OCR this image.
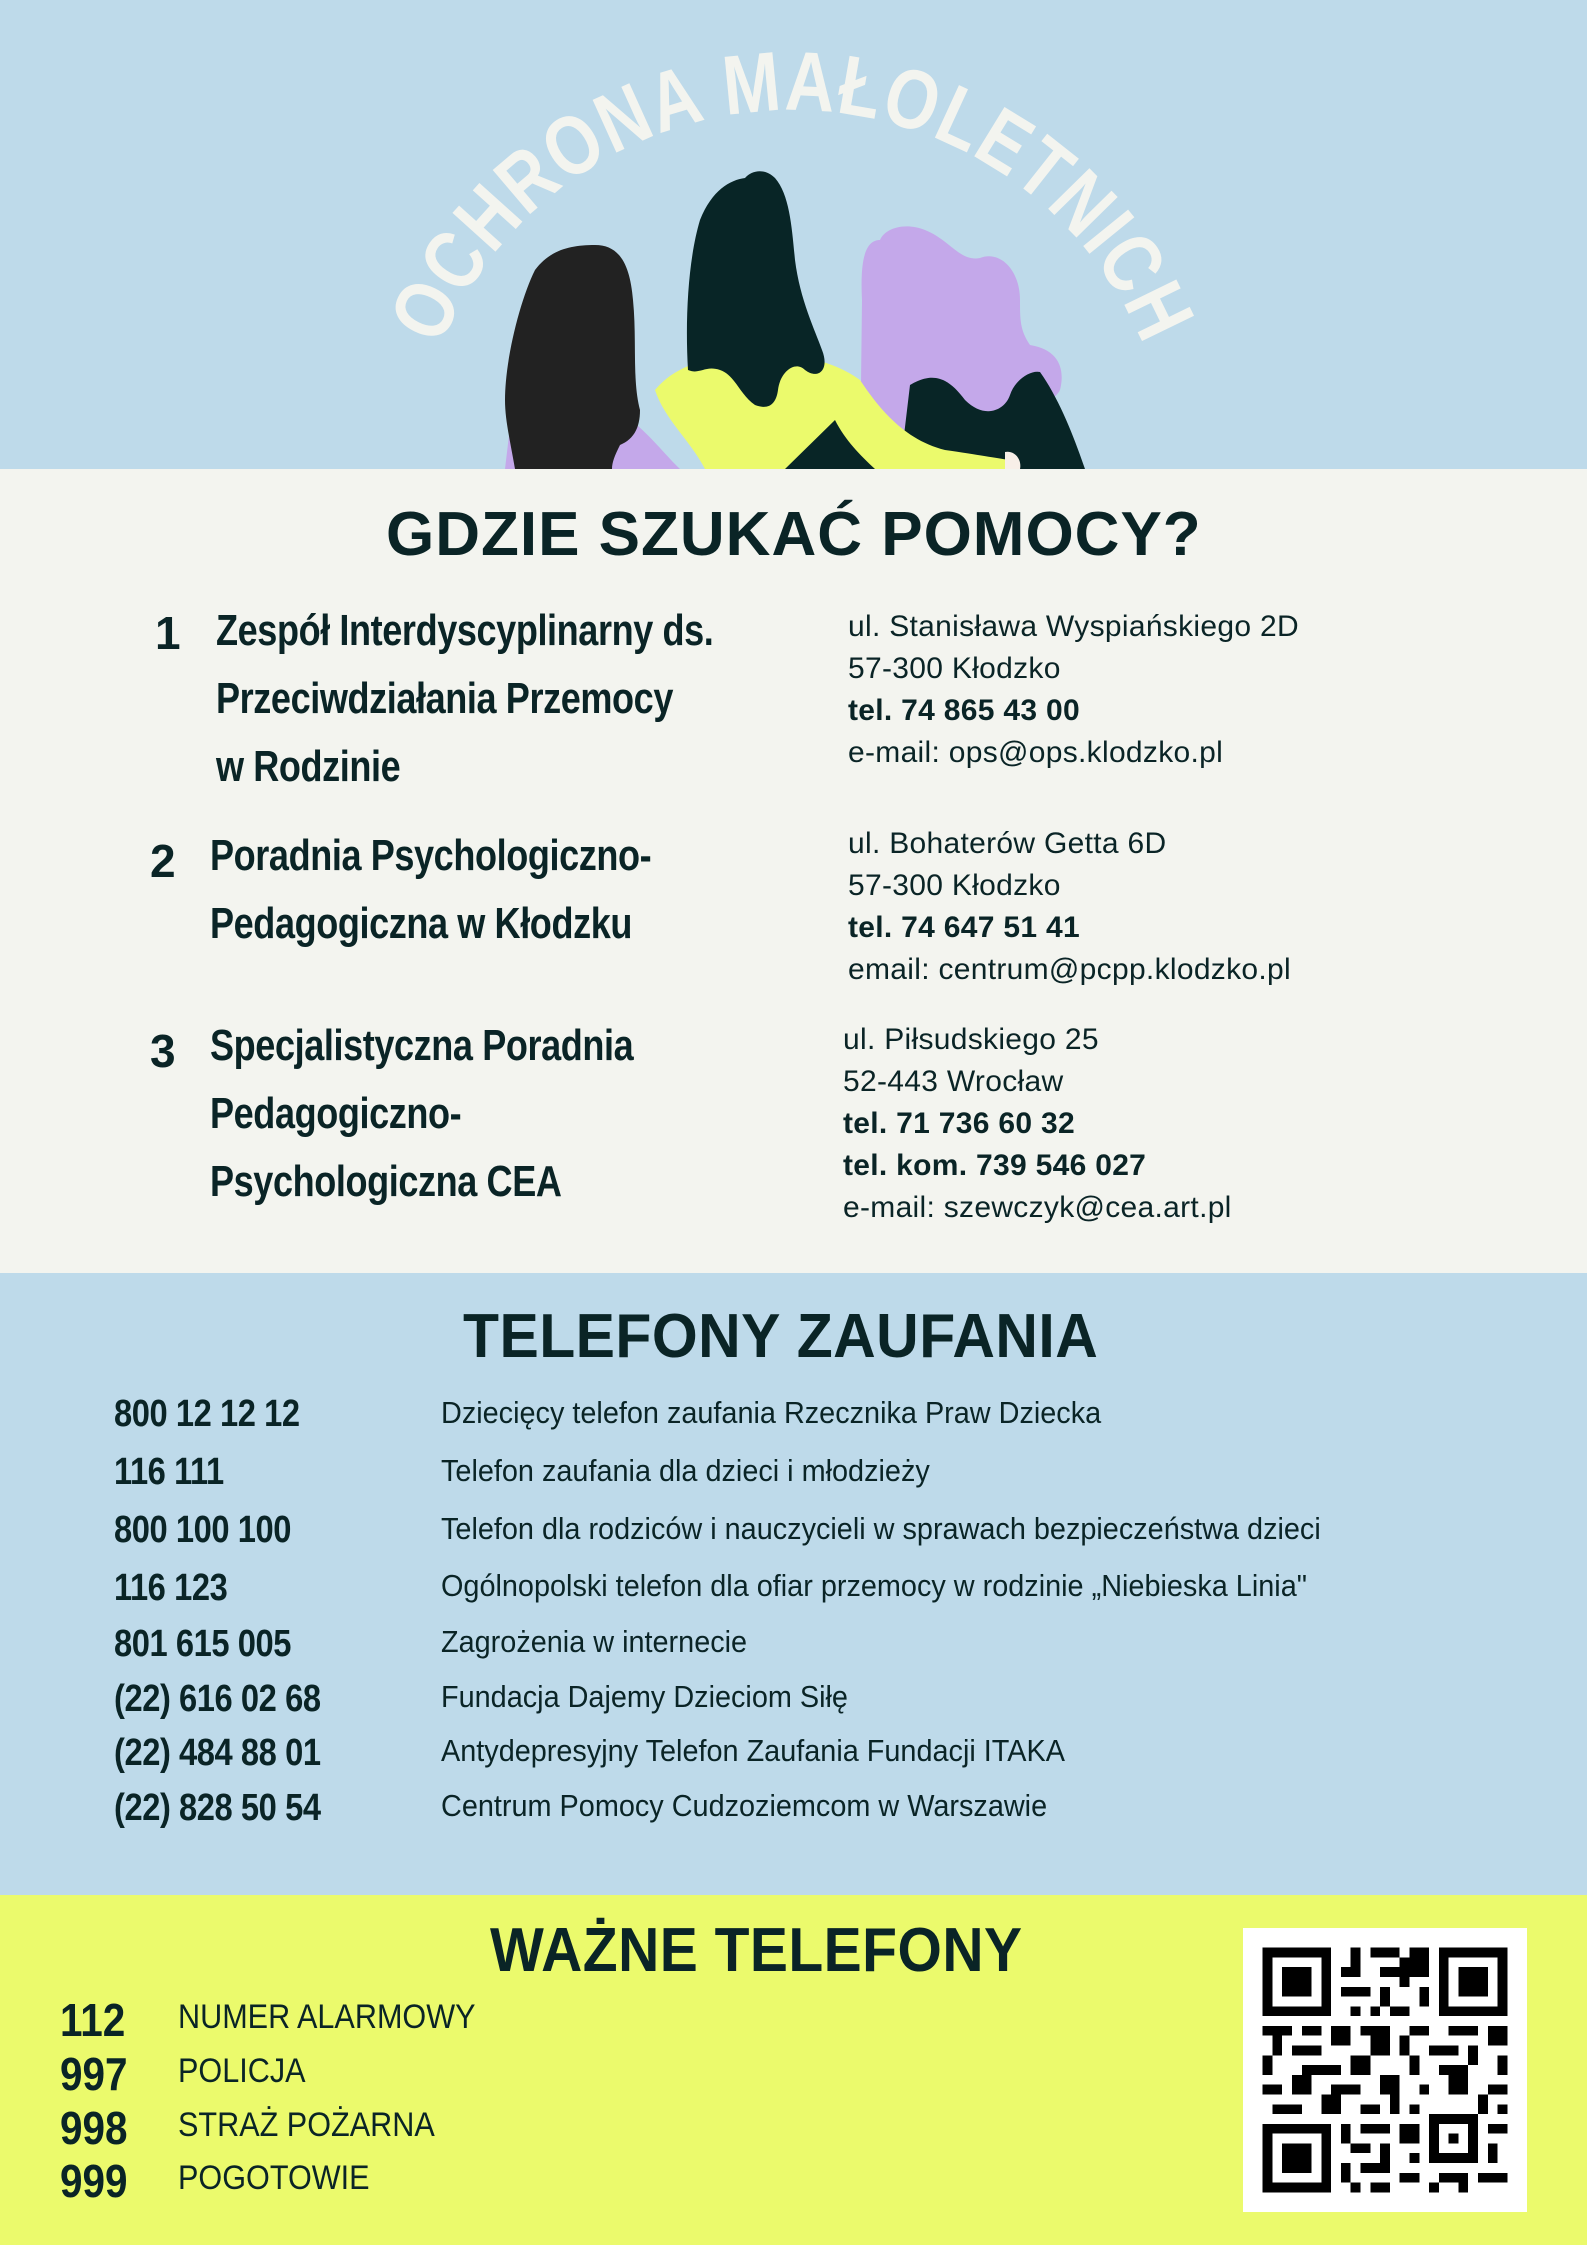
OCHRONA MAŁOLETNICH
GDZIE SZUKAĆ POMOCY?
1 Zespół Interdyscyplinarny ds.
Przeciwdziałania Przemocy
w Rodzinie
ul. Stanisława Wyspiańskiego 2D
57-300 Kłodzko
tel. 74 865 43 00
e-mail: ops@ops.klodzko.pl
2 Poradnia Psychologiczno-
Pedagogiczna w Kłodzku
ul. Bohaterów Getta 6D
57-300 Kłodzko
tel. 74 647 51 41
email: centrum@pcpp.klodzko.pl
3 Specjalistyczna Poradnia
Pedagogiczno-
Psychologiczna CEA
ul. Piłsudskiego 25
52-443 Wrocław
tel. 71 736 60 32
tel. kom. 739 546 027
e-mail: szewczyk@cea.art.pl
TELEFONY ZAUFANIA
800 12 12 12	Dziecięcy telefon zaufania Rzecznika Praw Dziecka
116 111	Telefon zaufania dla dzieci i młodzieży
800 100 100	Telefon dla rodziców i nauczycieli w sprawach bezpieczeństwa dzieci
116 123	Ogólnopolski telefon dla ofiar przemocy w rodzinie „Niebieska Linia"
801 615 005	Zagrożenia w internecie
(22) 616 02 68	Fundacja Dajemy Dzieciom Siłę
(22) 484 88 01	Antydepresyjny Telefon Zaufania Fundacji ITAKA
(22) 828 50 54	Centrum Pomocy Cudzoziemcom w Warszawie
WAŻNE TELEFONY
112 NUMER ALARMOWY
997 POLICJA
998 STRAŻ POŻARNA
999 POGOTOWIE
